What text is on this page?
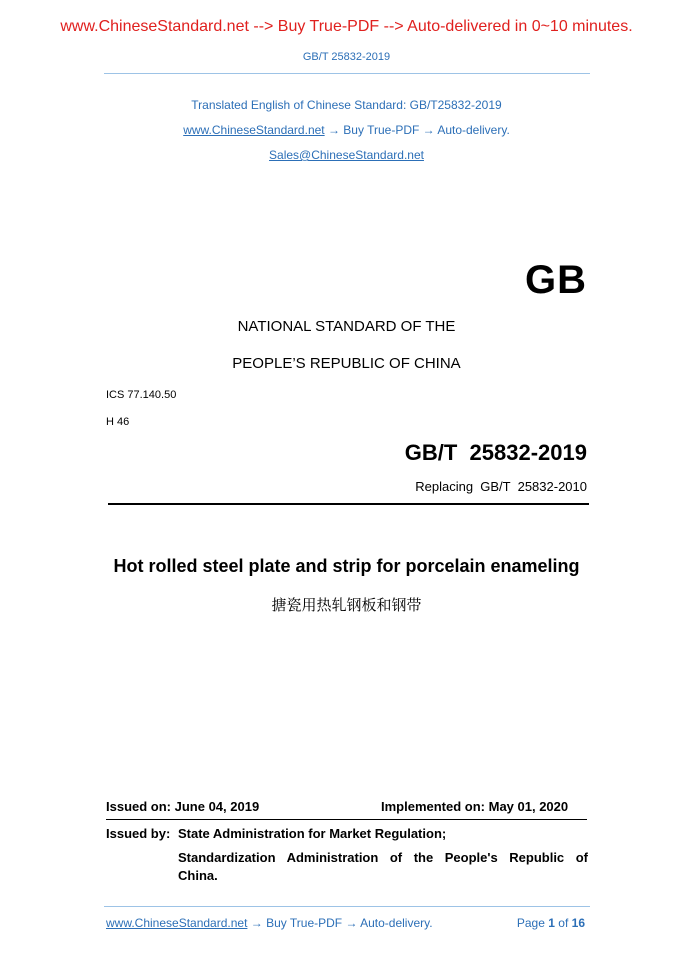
www.ChineseStandard.net --> Buy True-PDF --> Auto-delivered in 0~10 minutes.
GB/T 25832-2019
Translated English of Chinese Standard: GB/T25832-2019
www.ChineseStandard.net → Buy True-PDF → Auto-delivery.
Sales@ChineseStandard.net
GB
NATIONAL STANDARD OF THE
PEOPLE’S REPUBLIC OF CHINA
ICS 77.140.50
H 46
GB/T  25832-2019
Replacing  GB/T  25832-2010
Hot rolled steel plate and strip for porcelain enameling
搪瓷用热轧钢板和钢带
Issued on: June 04, 2019	Implemented on: May 01, 2020
Issued by: State Administration for Market Regulation;
Standardization Administration of the People's Republic of
China.
www.ChineseStandard.net → Buy True-PDF → Auto-delivery.	Page 1 of 16
